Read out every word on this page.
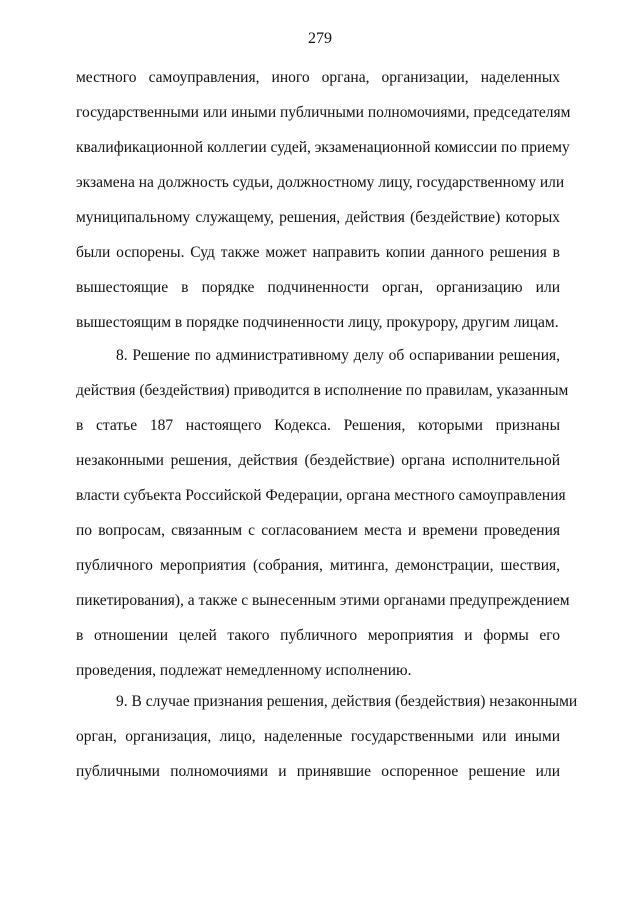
279
местного самоуправления, иного органа, организации, наделенных
государственными или иными публичными полномочиями, председателям
квалификационной коллегии судей, экзаменационной комиссии по приему
экзамена на должность судьи, должностному лицу, государственному или
муниципальному служащему, решения, действия (бездействие) которых
были оспорены. Суд также может направить копии данного решения в
вышестоящие в порядке подчиненности орган, организацию или
вышестоящим в порядке подчиненности лицу, прокурору, другим лицам.
8. Решение по административному делу об оспаривании решения,
действия (бездействия) приводится в исполнение по правилам, указанным
в статье 187 настоящего Кодекса. Решения, которыми признаны
незаконными решения, действия (бездействие) органа исполнительной
власти субъекта Российской Федерации, органа местного самоуправления
по вопросам, связанным с согласованием места и времени проведения
публичного мероприятия (собрания, митинга, демонстрации, шествия,
пикетирования), а также с вынесенным этими органами предупреждением
в отношении целей такого публичного мероприятия и формы его
проведения, подлежат немедленному исполнению.
9. В случае признания решения, действия (бездействия) незаконными
орган, организация, лицо, наделенные государственными или иными
публичными полномочиями и принявшие оспоренное решение или
